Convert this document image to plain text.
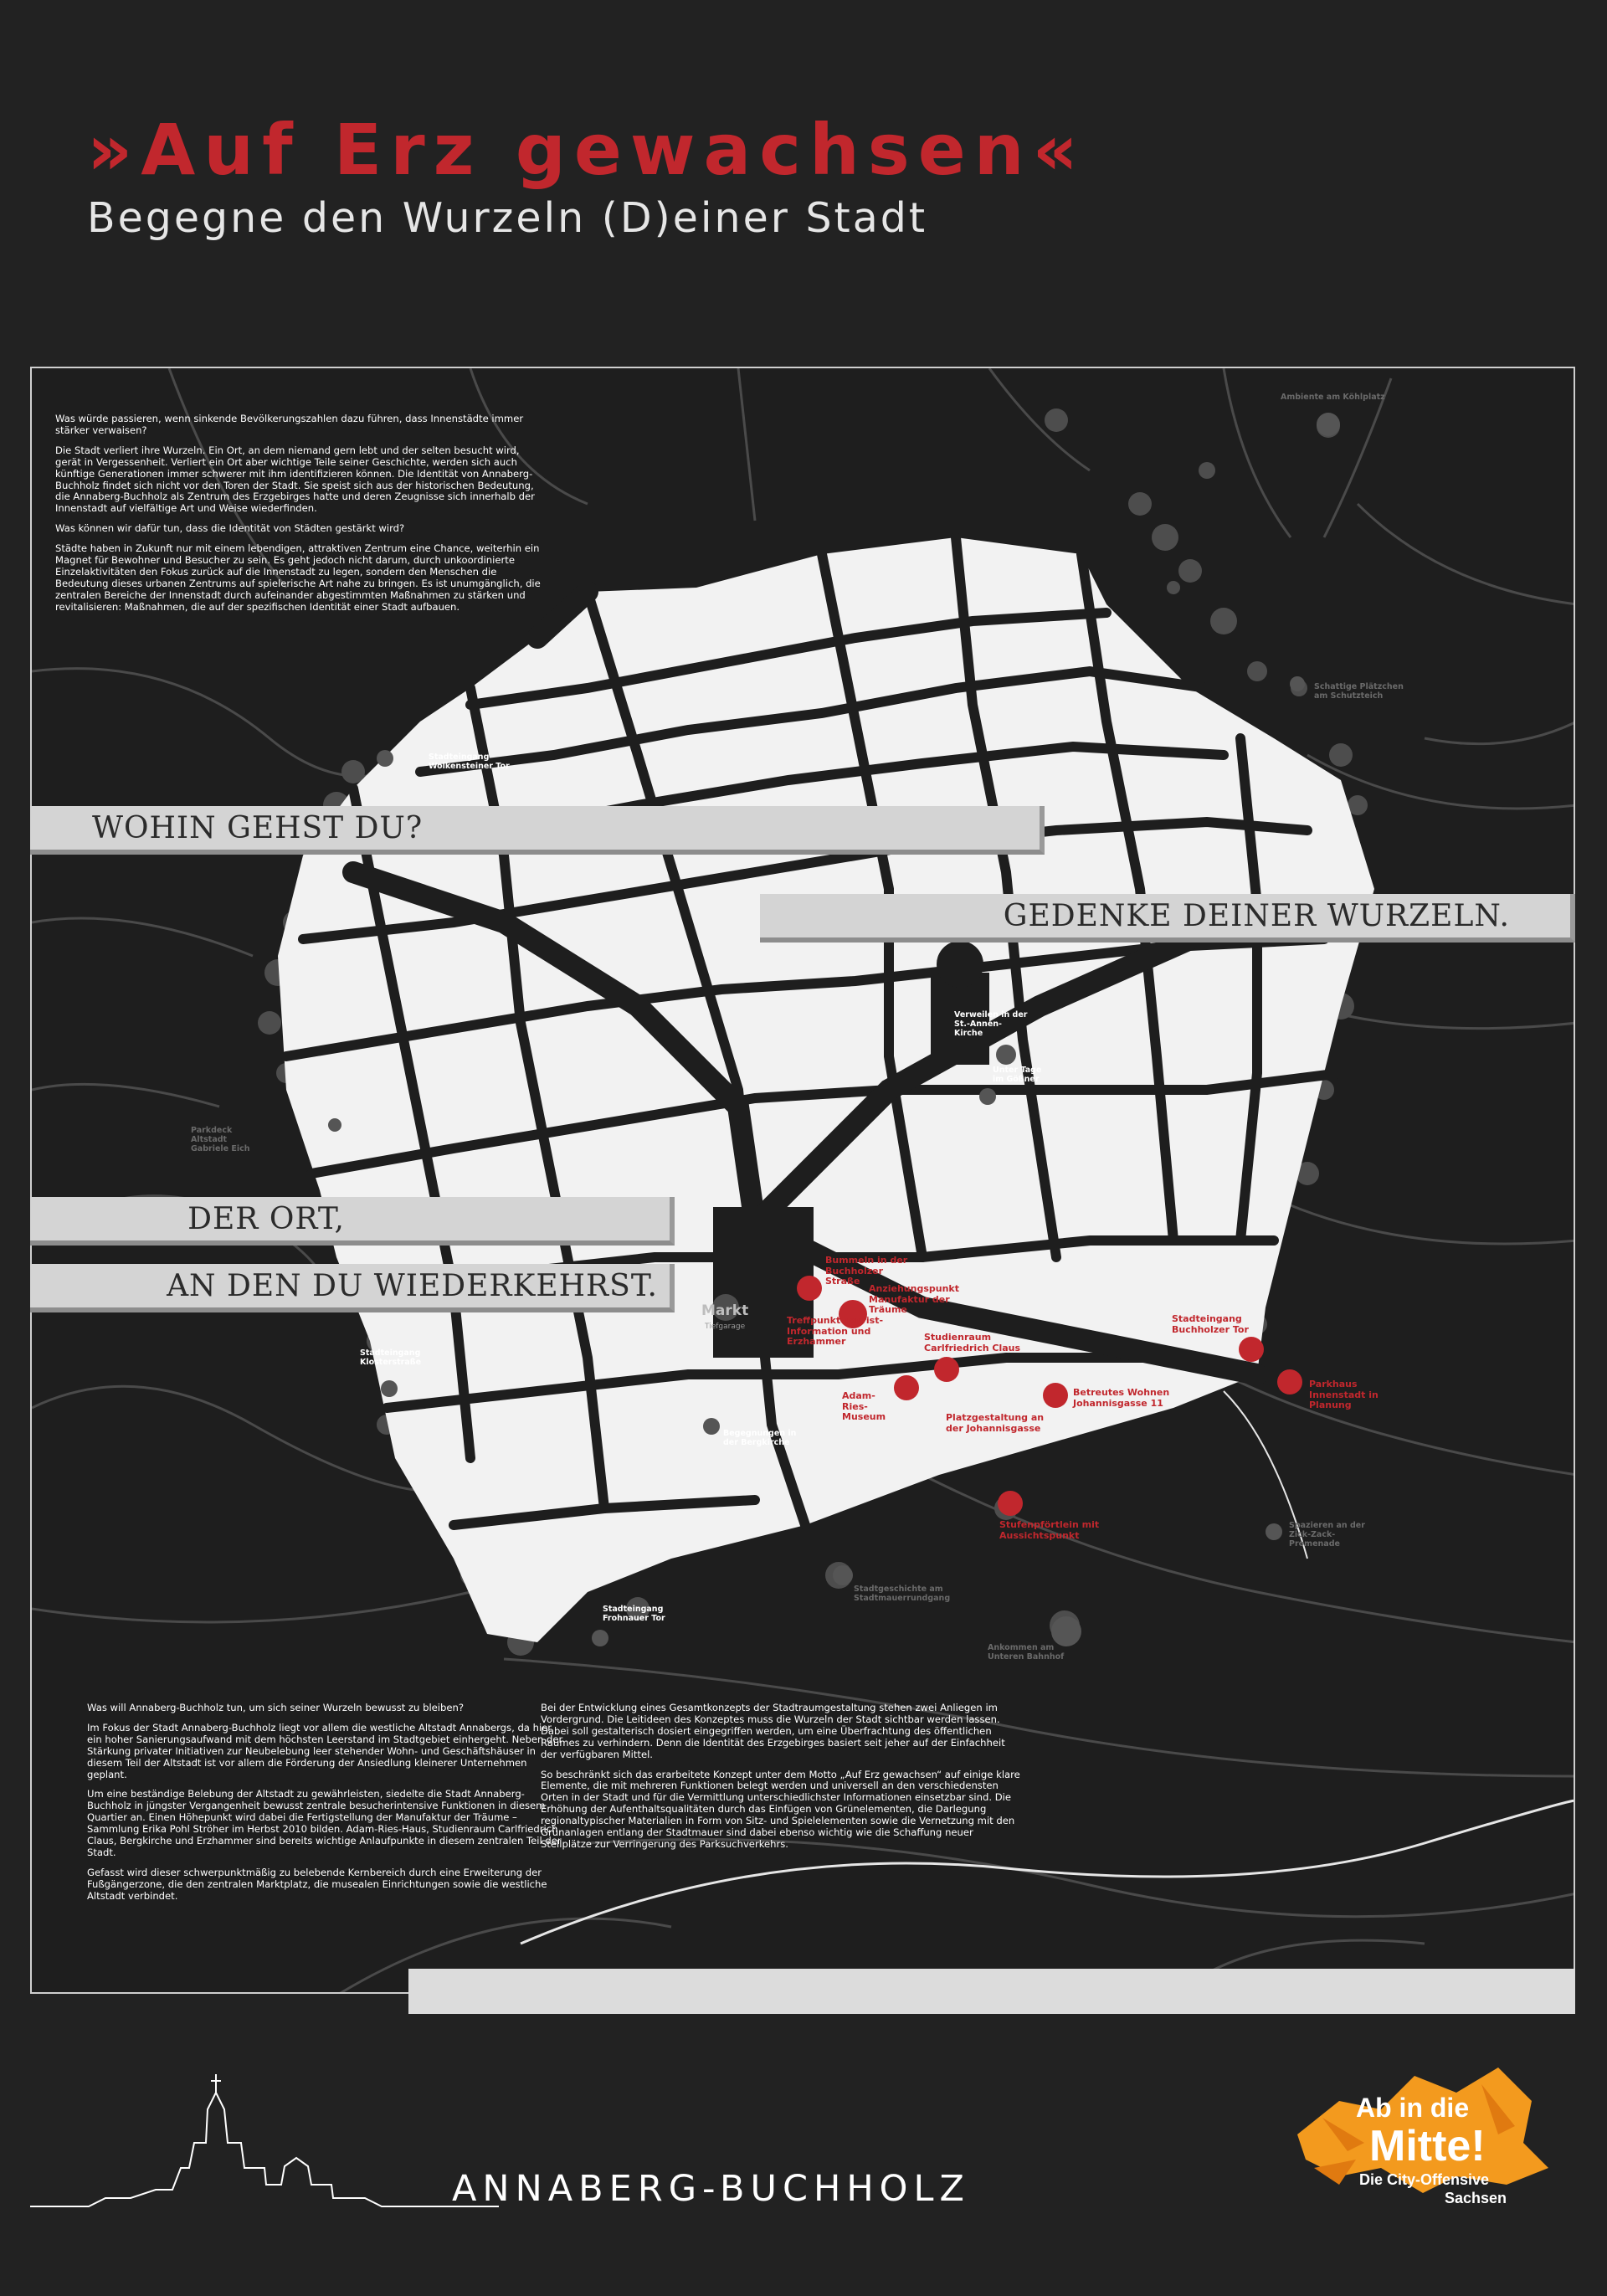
»Auf Erz gewachsen«
Begegne den Wurzeln (D)einer Stadt

Was würde passieren, wenn sinkende Bevölkerungszahlen dazu führen, dass Innenstädte immer stärker verwaisen?

Die Stadt verliert ihre Wurzeln. Ein Ort, an dem niemand gern lebt und der selten besucht wird, gerät in Vergessenheit. Verliert ein Ort aber wichtige Teile seiner Geschichte, werden sich auch künftige Generationen immer schwerer mit ihm identifizieren können. Die Identität von Annaberg-Buchholz findet sich nicht vor den Toren der Stadt. Sie speist sich aus der historischen Bedeutung, die Annaberg-Buchholz als Zentrum des Erzgebirges hatte und deren Zeugnisse sich innerhalb der Innenstadt auf vielfältige Art und Weise wiederfinden.

Was können wir dafür tun, dass die Identität von Städten gestärkt wird?

Städte haben in Zukunft nur mit einem lebendigen, attraktiven Zentrum eine Chance, weiterhin ein Magnet für Bewohner und Besucher zu sein. Es geht jedoch nicht darum, durch unkoordinierte Einzelaktivitäten den Fokus zurück auf die Innenstadt zu legen, sondern den Menschen die Bedeutung dieses urbanen Zentrums auf spielerische Art nahe zu bringen. Es ist unumgänglich, die zentralen Bereiche der Innenstadt durch aufeinander abgestimmten Maßnahmen zu stärken und revitalisieren: Maßnahmen, die auf der spezifischen Identität einer Stadt aufbauen.

Ambiente am Köhlplatz
Schattige Plätzchen am Schutzteich
Stadteingang Wolkensteiner Tor
Verweilen in der St.-Annen-Kirche
Unter Tage im Gößner
Parkdeck Altstadt Gabriele Eich
Stadteingang Klosterstraße
Begegnungen in der Bergkirche
Stadteingang Frohnauer Tor
Stadtgeschichte am Stadtmauerrundgang
Ankommen am Unteren Bahnhof
Spazieren an der Zick-Zack-Promenade
Markt
Tiefgarage
Bummeln in der Buchholzer Straße
Anziehungspunkt Manufaktur der Träume
Treffpunkt Tourist-Information und Erzhammer	Studienraum Carlfriedrich Claus
Adam-Ries-Museum
Betreutes Wohnen Johannisgasse 11
Platzgestaltung an der Johannisgasse
Stadteingang Buchholzer Tor
Parkhaus Innenstadt in Planung
Stufenpförtlein mit Aussichtspunkt
WOHIN GEHST DU?
GEDENKE DEINER WURZELN.
DER ORT,
AN DEN DU WIEDERKEHRST.

Was will Annaberg-Buchholz tun, um sich seiner Wurzeln bewusst zu bleiben?

Im Fokus der Stadt Annaberg-Buchholz liegt vor allem die westliche Altstadt Annabergs, da hier ein hoher Sanierungsaufwand mit dem höchsten Leerstand im Stadtgebiet einhergeht. Neben der Stärkung privater Initiativen zur Neubelebung leer stehender Wohn- und Geschäftshäuser in diesem Teil der Altstadt ist vor allem die Förderung der Ansiedlung kleinerer Unternehmen geplant.

Um eine beständige Belebung der Altstadt zu gewährleisten, siedelte die Stadt Annaberg-Buchholz in jüngster Vergangenheit bewusst zentrale besucherintensive Funktionen in diesem Quartier an. Einen Höhepunkt wird dabei die Fertigstellung der Manufaktur der Träume – Sammlung Erika Pohl Ströher im Herbst 2010 bilden. Adam-Ries-Haus, Studienraum Carlfriedrich Claus, Bergkirche und Erzhammer sind bereits wichtige Anlaufpunkte in diesem zentralen Teil der Stadt.

Gefasst wird dieser schwerpunktmäßig zu belebende Kernbereich durch eine Erweiterung der Fußgängerzone, die den zentralen Marktplatz, die musealen Einrichtungen sowie die westliche Altstadt verbindet.

Bei der Entwicklung eines Gesamtkonzepts der Stadtraumgestaltung stehen zwei Anliegen im Vordergrund. Die Leitideen des Konzeptes muss die Wurzeln der Stadt sichtbar werden lassen. Dabei soll gestalterisch dosiert eingegriffen werden, um eine Überfrachtung des öffentlichen Raumes zu verhindern. Denn die Identität des Erzgebirges basiert seit jeher auf der Einfachheit der verfügbaren Mittel.

So beschränkt sich das erarbeitete Konzept unter dem Motto „Auf Erz gewachsen“ auf einige klare Elemente, die mit mehreren Funktionen belegt werden und universell an den verschiedensten Orten in der Stadt und für die Vermittlung unterschiedlichster Informationen einsetzbar sind. Die Erhöhung der Aufenthaltsqualitäten durch das Einfügen von Grünelementen, die Darlegung regionaltypischer Materialien in Form von Sitz- und Spielelementen sowie die Vernetzung mit den Grünanlagen entlang der Stadtmauer sind dabei ebenso wichtig wie die Schaffung neuer Stellplätze zur Verringerung des Parksuchverkehrs.

ANNABERG-BUCHHOLZ
Ab in die
Mitte!
Die City-Offensive
Sachsen
